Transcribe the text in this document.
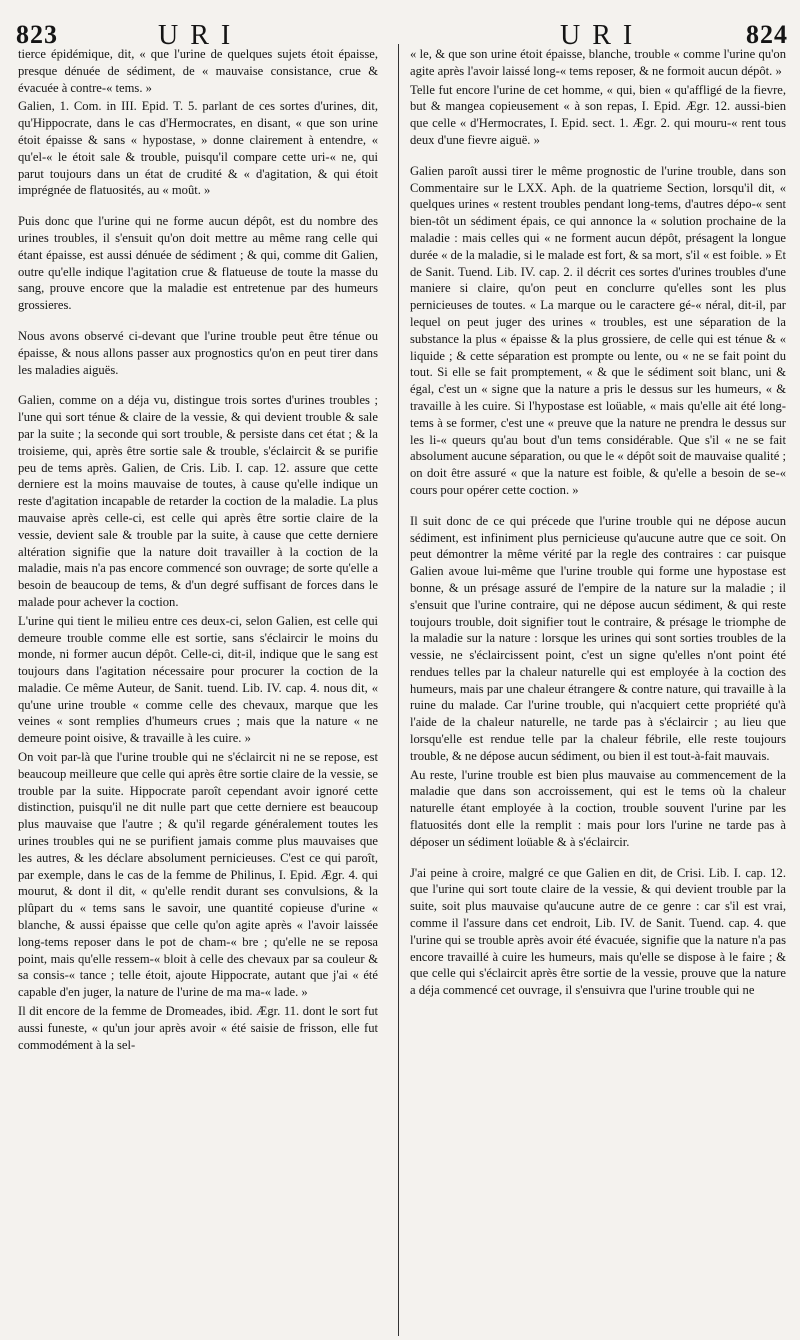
823	URI	URI	824

tierce épidémique, dit, « que l'urine de quelques sujets étoit épaisse, presque dénuée de sédiment, de « mauvaise consistance, crue & évacuée à contre-« tems. »

Galien, 1. Com. in III. Epid. T. 5. parlant de ces sortes d'urines, dit, qu'Hippocrate, dans le cas d'Hermocrates, en disant, « que son urine étoit épaisse & sans « hypostase, » donne clairement à entendre, « qu'el-« le étoit sale & trouble, puisqu'il compare cette uri-« ne, qui parut toujours dans un état de crudité & « d'agitation, & qui étoit imprégnée de flatuosités, au « moût. »

Puis donc que l'urine qui ne forme aucun dépôt, est du nombre des urines troubles, il s'ensuit qu'on doit mettre au même rang celle qui étant épaisse, est aussi dénuée de sédiment ; & qui, comme dit Galien, outre qu'elle indique l'agitation crue & flatueuse de toute la masse du sang, prouve encore que la maladie est entretenue par des humeurs grossieres.

Nous avons observé ci-devant que l'urine trouble peut être ténue ou épaisse, & nous allons passer aux prognostics qu'on en peut tirer dans les maladies aiguës.

Galien, comme on a déja vu, distingue trois sortes d'urines troubles ; l'une qui sort ténue & claire de la vessie, & qui devient trouble & sale par la suite ; la seconde qui sort trouble, & persiste dans cet état ; & la troisieme, qui, après être sortie sale & trouble, s'éclaircit & se purifie peu de tems après. Galien, de Cris. Lib. I. cap. 12. assure que cette derniere est la moins mauvaise de toutes, à cause qu'elle indique un reste d'agitation incapable de retarder la coction de la maladie. La plus mauvaise après celle-ci, est celle qui après être sortie claire de la vessie, devient sale & trouble par la suite, à cause que cette derniere altération signifie que la nature doit travailler à la coction de la maladie, mais n'a pas encore commencé son ouvrage; de sorte qu'elle a besoin de beaucoup de tems, & d'un degré suffisant de forces dans le malade pour achever la coction.

L'urine qui tient le milieu entre ces deux-ci, selon Galien, est celle qui demeure trouble comme elle est sortie, sans s'éclaircir le moins du monde, ni former aucun dépôt. Celle-ci, dit-il, indique que le sang est toujours dans l'agitation nécessaire pour procurer la coction de la maladie. Ce même Auteur, de Sanit. tuend. Lib. IV. cap. 4. nous dit, « qu'une urine trouble « comme celle des chevaux, marque que les veines « sont remplies d'humeurs crues ; mais que la nature « ne demeure point oisive, & travaille à les cuire. »

On voit par-là que l'urine trouble qui ne s'éclaircit ni ne se repose, est beaucoup meilleure que celle qui après être sortie claire de la vessie, se trouble par la suite. Hippocrate paroît cependant avoir ignoré cette distinction, puisqu'il ne dit nulle part que cette derniere est beaucoup plus mauvaise que l'autre ; & qu'il regarde généralement toutes les urines troubles qui ne se purifient jamais comme plus mauvaises que les autres, & les déclare absolument pernicieuses. C'est ce qui paroît, par exemple, dans le cas de la femme de Philinus, I. Epid. Ægr. 4. qui mourut, & dont il dit, « qu'elle rendit durant ses convulsions, & la plûpart du « tems sans le savoir, une quantité copieuse d'urine « blanche, & aussi épaisse que celle qu'on agite après « l'avoir laissée long-tems reposer dans le pot de cham-« bre ; qu'elle ne se reposa point, mais qu'elle ressem-« bloit à celle des chevaux par sa couleur & sa consis-« tance ; telle étoit, ajoute Hippocrate, autant que j'ai « été capable d'en juger, la nature de l'urine de ma ma-« lade. »

Il dit encore de la femme de Dromeades, ibid. Ægr. 11. dont le sort fut aussi funeste, « qu'un jour après avoir « été saisie de frisson, elle fut commodément à la sel-

« le, & que son urine étoit épaisse, blanche, trouble « comme l'urine qu'on agite après l'avoir laissé long-« tems reposer, & ne formoit aucun dépôt. »

Telle fut encore l'urine de cet homme, « qui, bien « qu'affligé de la fievre, but & mangea copieusement « à son repas, I. Epid. Ægr. 12. aussi-bien que celle « d'Hermocrates, I. Epid. sect. 1. Ægr. 2. qui mouru-« rent tous deux d'une fievre aiguë. »

Galien paroît aussi tirer le même prognostic de l'urine trouble, dans son Commentaire sur le LXX. Aph. de la quatrieme Section, lorsqu'il dit, « quelques urines « restent troubles pendant long-tems, d'autres dépo-« sent bien-tôt un sédiment épais, ce qui annonce la « solution prochaine de la maladie : mais celles qui « ne forment aucun dépôt, présagent la longue durée « de la maladie, si le malade est fort, & sa mort, s'il « est foible. » Et de Sanit. Tuend. Lib. IV. cap. 2. il décrit ces sortes d'urines troubles d'une maniere si claire, qu'on peut en conclurre qu'elles sont les plus pernicieuses de toutes. « La marque ou le caractere gé-« néral, dit-il, par lequel on peut juger des urines « troubles, est une séparation de la substance la plus « épaisse & la plus grossiere, de celle qui est ténue & « liquide ; & cette séparation est prompte ou lente, ou « ne se fait point du tout. Si elle se fait promptement, « & que le sédiment soit blanc, uni & égal, c'est un « signe que la nature a pris le dessus sur les humeurs, « & travaille à les cuire. Si l'hypostase est loüable, « mais qu'elle ait été long-tems à se former, c'est une « preuve que la nature ne prendra le dessus sur les li-« queurs qu'au bout d'un tems considérable. Que s'il « ne se fait absolument aucune séparation, ou que le « dépôt soit de mauvaise qualité ; on doit être assuré « que la nature est foible, & qu'elle a besoin de se-« cours pour opérer cette coction. »

Il suit donc de ce qui précede que l'urine trouble qui ne dépose aucun sédiment, est infiniment plus pernicieuse qu'aucune autre que ce soit. On peut démontrer la même vérité par la regle des contraires : car puisque Galien avoue lui-même que l'urine trouble qui forme une hypostase est bonne, & un présage assuré de l'empire de la nature sur la maladie ; il s'ensuit que l'urine contraire, qui ne dépose aucun sédiment, & qui reste toujours trouble, doit signifier tout le contraire, & présage le triomphe de la maladie sur la nature : lorsque les urines qui sont sorties troubles de la vessie, ne s'éclaircissent point, c'est un signe qu'elles n'ont point été rendues telles par la chaleur naturelle qui est employée à la coction des humeurs, mais par une chaleur étrangere & contre nature, qui travaille à la ruine du malade. Car l'urine trouble, qui n'acquiert cette propriété qu'à l'aide de la chaleur naturelle, ne tarde pas à s'éclaircir ; au lieu que lorsqu'elle est rendue telle par la chaleur fébrile, elle reste toujours trouble, & ne dépose aucun sédiment, ou bien il est tout-à-fait mauvais.

Au reste, l'urine trouble est bien plus mauvaise au commencement de la maladie que dans son accroissement, qui est le tems où la chaleur naturelle étant employée à la coction, trouble souvent l'urine par les flatuosités dont elle la remplit : mais pour lors l'urine ne tarde pas à déposer un sédiment loüable & à s'éclaircir.

J'ai peine à croire, malgré ce que Galien en dit, de Crisi. Lib. I. cap. 12. que l'urine qui sort toute claire de la vessie, & qui devient trouble par la suite, soit plus mauvaise qu'aucune autre de ce genre : car s'il est vrai, comme il l'assure dans cet endroit, Lib. IV. de Sanit. Tuend. cap. 4. que l'urine qui se trouble après avoir été évacuée, signifie que la nature n'a pas encore travaillé à cuire les humeurs, mais qu'elle se dispose à le faire ; & que celle qui s'éclaircit après être sortie de la vessie, prouve que la nature a déja commencé cet ouvrage, il s'ensuivra que l'urine trouble qui ne
